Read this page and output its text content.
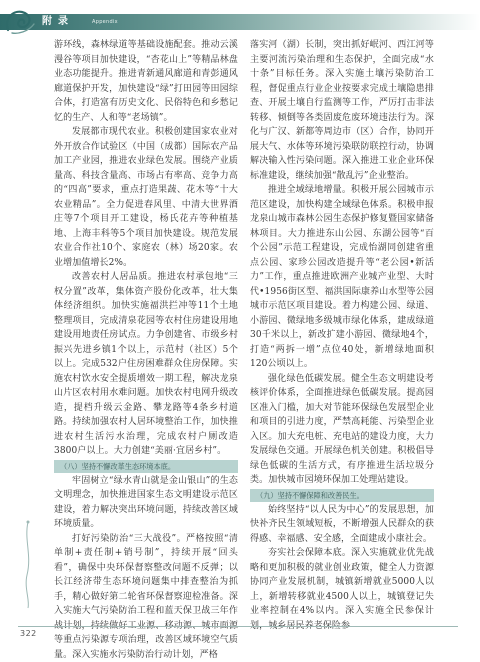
附录	Appendix

游环线，森林绿道等基础设施配套。推动云溪漫谷等项目加快建设，“杏花山上”等精品林盘业态功能提升。推进青新通风廊道和青彭通风廊道保护开发，加快建设“绿”打田园等田园综合体，打造富有历史文化、民俗特色和乡愁记忆的生产、人和等“老场镇”。

发展都市现代农业。积极创建国家农业对外开放合作试验区（中国（成都）国际农产品加工产业园，推进农业绿色发展。围绕产业质量高、科技含量高、市场占有率高、竞争力高的“四高”要求，重点打造果蔬、花木等“十大农业精品”。全力促进春风里、中清大世界酒庄等7个项目开工建设，杨氏花卉等种植基地、上海丰科等5个项目加快建设。规范发展农业合作社10个、家庭农（林）场20家。农业增加值增长2%。

改善农村人居品质。推进农村承包地“三权分置”改革，集体资产股份化改革，壮大集体经济组织。加快实施福洪拦冲等11个土地整理项目，完成清泉花园等农村住房建设用地建设用地责任房试点。力争创建省、市级乡村振兴先进乡镇1个以上，示范村（社区）5个以上。完成532户住房困难群众住房保障。实施农村饮水安全提质增效一期工程，解决龙泉山片区农村用水难问题。加快农村电网升级改造，提档升级云金路、攀龙路等4条乡村道路。持续加强农村人居环境整治工作，加快推进农村生活污水治理，完成农村户厕改造3800户以上。大力创建“美丽·宜居乡村”。

（八）坚持不懈改革生态环境本底。

牢固树立“绿水青山就是金山银山”的生态文明理念，加快推进国家生态文明建设示范区建设，着力解决突出环境问题，持续改善区域环境质量。

打好污染防治“三大战役”。严格按照“清单制+责任制+销号制”，持续开展“回头看”，确保中央环保督察整改问题不反弹；以长江经济带生态环境问题集中排查整治为抓手，精心做好第二轮省环保督察迎检准备。深入实施大气污染防治工程和蓝天保卫战三年作 等重点污染源专项治理，改善区域环境空气质量。深入实施水污染防治行动计划，严格

落实河（湖）长制，突出抓好岷河、西江河等主要河流污染治理和生态保护，全面完成“水十条”目标任务。深入实施土壤污染防治工程，督促重点行业企业按要求完成土壤隐患排查、开展土壤自行监测等工作，严厉打击非法转移、倾倒等各类固废危废环境违法行为。深化与广汉、新都等周边市（区）合作，协同开展大气、水体等环境污染联防联控行动，协调解决输入性污染问题。深入推进工业企业环保标准建设，继续加强“散乱污”企业整治。

推进全域绿地增量。积极开展公园城市示范区建设，加快构建全域绿色体系。积极申报龙泉山城市森林公园生态保护修复暨国家储备林项目。大力推进东山公园、东湖公园等“百个公园”示范工程建设，完成怡湖同创建省重点公园、家珍公园改造提升等“老公园•新活力”工作，重点推进欧洲产业城产业型、大时代•1956街区型、福洪国际康养山水型等公园城市示范区项目建设。着力构建公园、绿道、小游园、微绿地多级城市绿化体系，建成绿道30千米以上，新改扩建小游园、微绿地4个，打造“两拆一增”点位40处，新增绿地面积120公顷以上。

强化绿色低碳发展。健全生态文明建设考核评价体系，全面推进绿色低碳发展。提高园区准入门槛，加大对节能环保绿色发展型企业和项目的引进力度，严禁高耗能、污染型企业入区。加大充电桩、充电站的建设力度，大力发展绿色交通。开展绿色机关创建。积极倡导绿色低碳的生活方式，有序推进生活垃圾分类。加快城市园境环保加工处理站建设。

（九）坚持不懈保障和改善民生。

始终坚持“以人民为中心”的发展思想，加快补齐民生领域短板，不断增强人民群众的获得感、幸福感、安全感，全面建成小康社会。

夯实社会保障本底。深入实施就业优先战略和更加积极的就业创业政策，健全人力资源协同产业发展机制，城镇新增就业5000人以上，新增转移就业4500人以上，城镇登记失业率控制在4%以内。深入实施全民参保计

322
